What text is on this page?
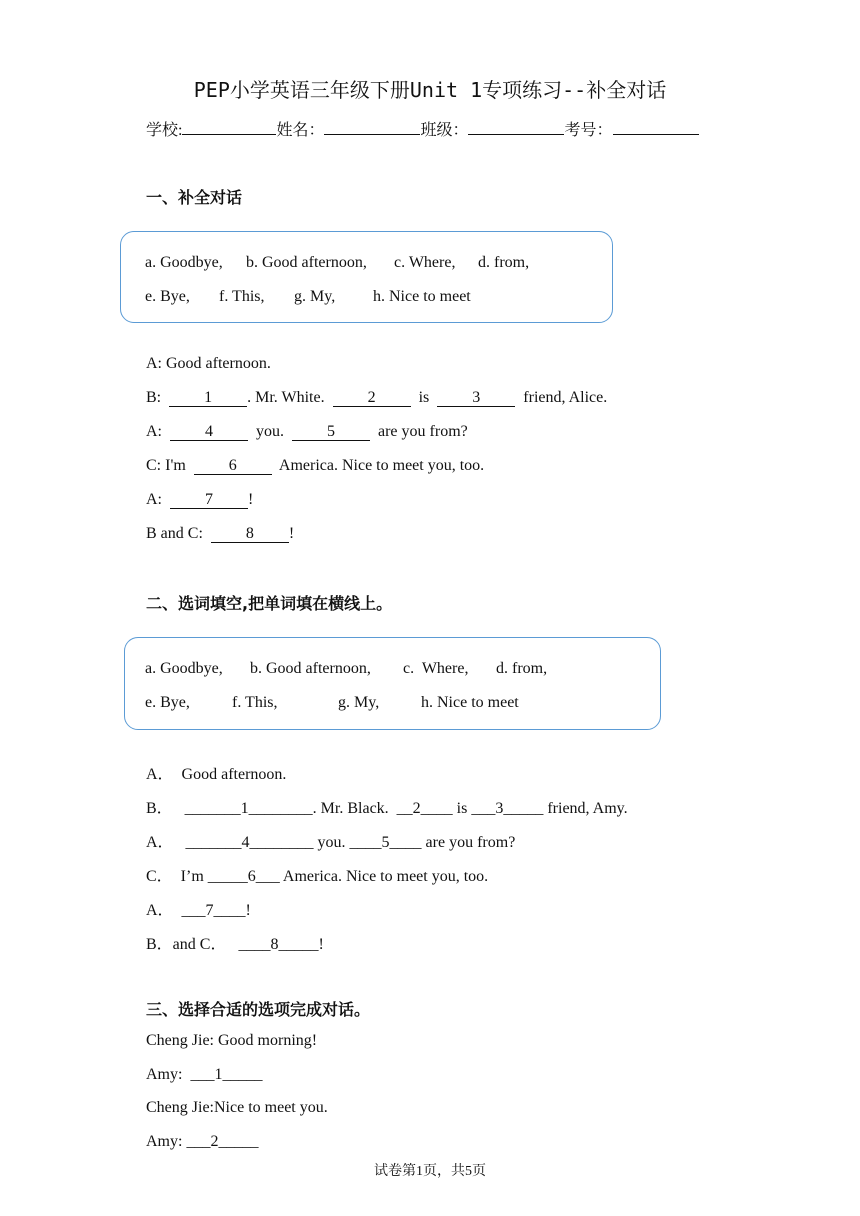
PEP小学英语三年级下册Unit 1专项练习--补全对话
学校:	姓名：	班级：	考号：
一、补全对话
a. Goodbye, b. Good afternoon, c. Where, d. from,
e. Bye, f. This, g. My, h. Nice to meet
A: Good afternoon.
B:  1 . Mr. White.  2  is  3  friend, Alice.
A:  4  you.  5  are you from?
C: I'm  6  America. Nice to meet you, too.
A:  7 !
B and C:  8 !
二、选词填空,把单词填在横线上。
a. Goodbye, b. Good afternoon, c.  Where, d. from,
e. Bye,	f. This,	g. My,	h. Nice to meet
A．  Good afternoon.
B．   _______1________. Mr. Black.  __2____ is ___3_____ friend, Amy.
A．   _______4________ you. ____5____ are you from?
C．  I’m _____6___ America. Nice to meet you, too.
A．  ___7____!
B．and C．   ____8_____!
三、选择合适的选项完成对话。
Cheng Jie: Good morning!
Amy:  ___1_____
Cheng Jie:Nice to meet you.
Amy: ___2_____
试卷第1页，共5页
